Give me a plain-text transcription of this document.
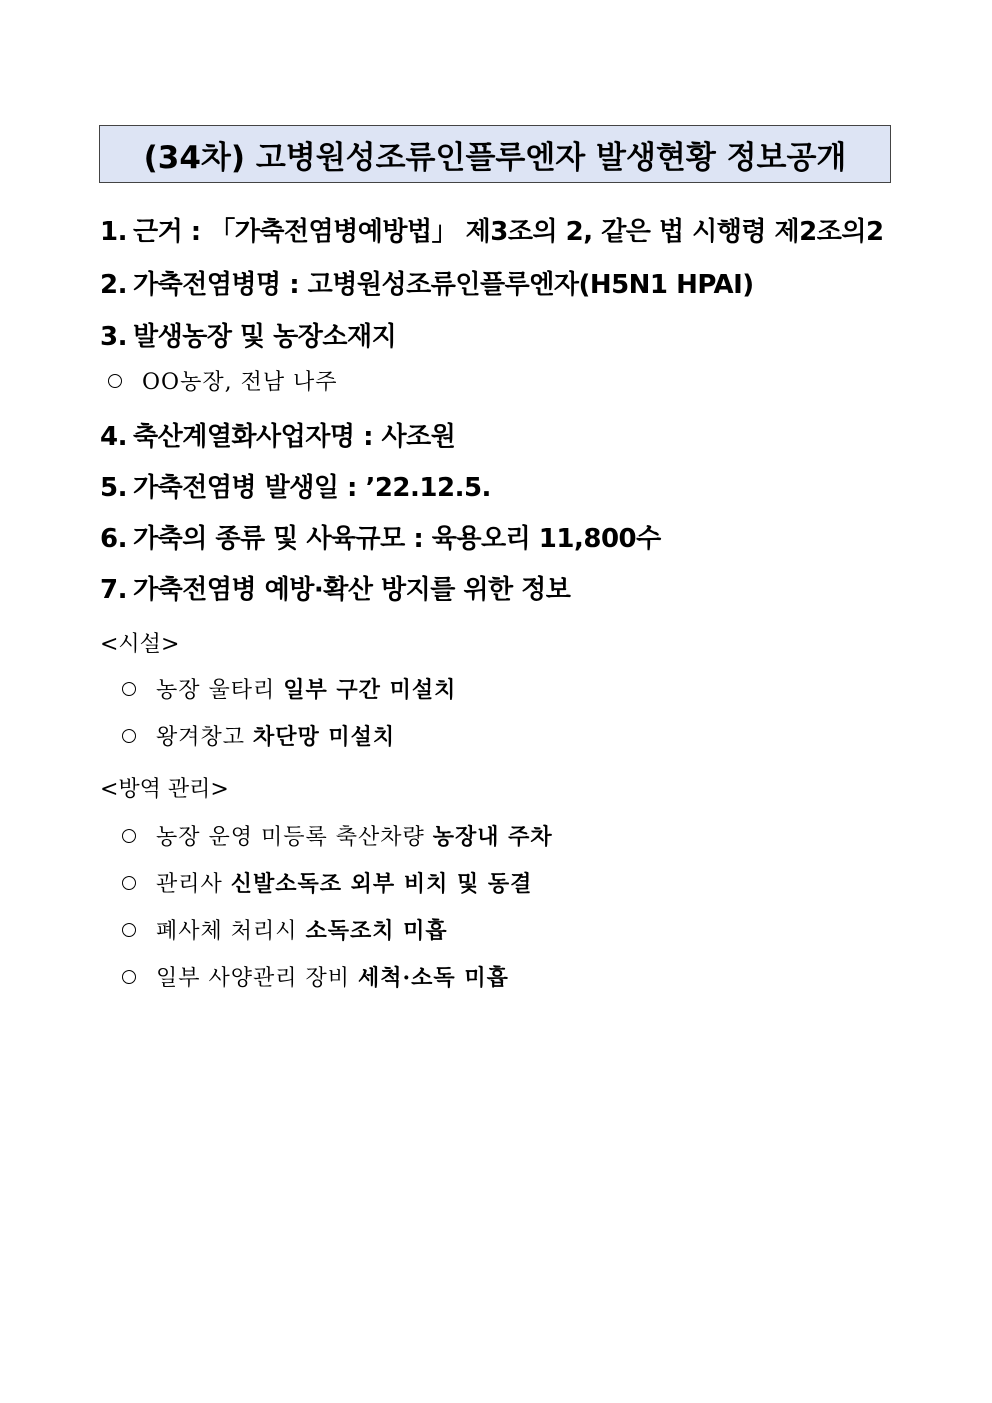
(34차) 고병원성조류인플루엔자 발생현황 정보공개
1. 근거 : 「가축전염병예방법」 제3조의 2, 같은 법 시행령 제2조의2
2. 가축전염병명 : 고병원성조류인플루엔자(H5N1 HPAI)
3. 발생농장 및 농장소재지
OO농장, 전남 나주
4. 축산계열화사업자명 : 사조원
5. 가축전염병 발생일 : ’22.12.5.
6. 가축의 종류 및 사육규모 : 육용오리 11,800수
7. 가축전염병 예방·확산 방지를 위한 정보
<시설>
농장 울타리 일부 구간 미설치
왕겨창고 차단망 미설치
<방역 관리>
농장 운영 미등록 축산차량 농장내 주차
관리사 신발소독조 외부 비치 및 동결
폐사체 처리시 소독조치 미흡
일부 사양관리 장비 세척·소독 미흡
